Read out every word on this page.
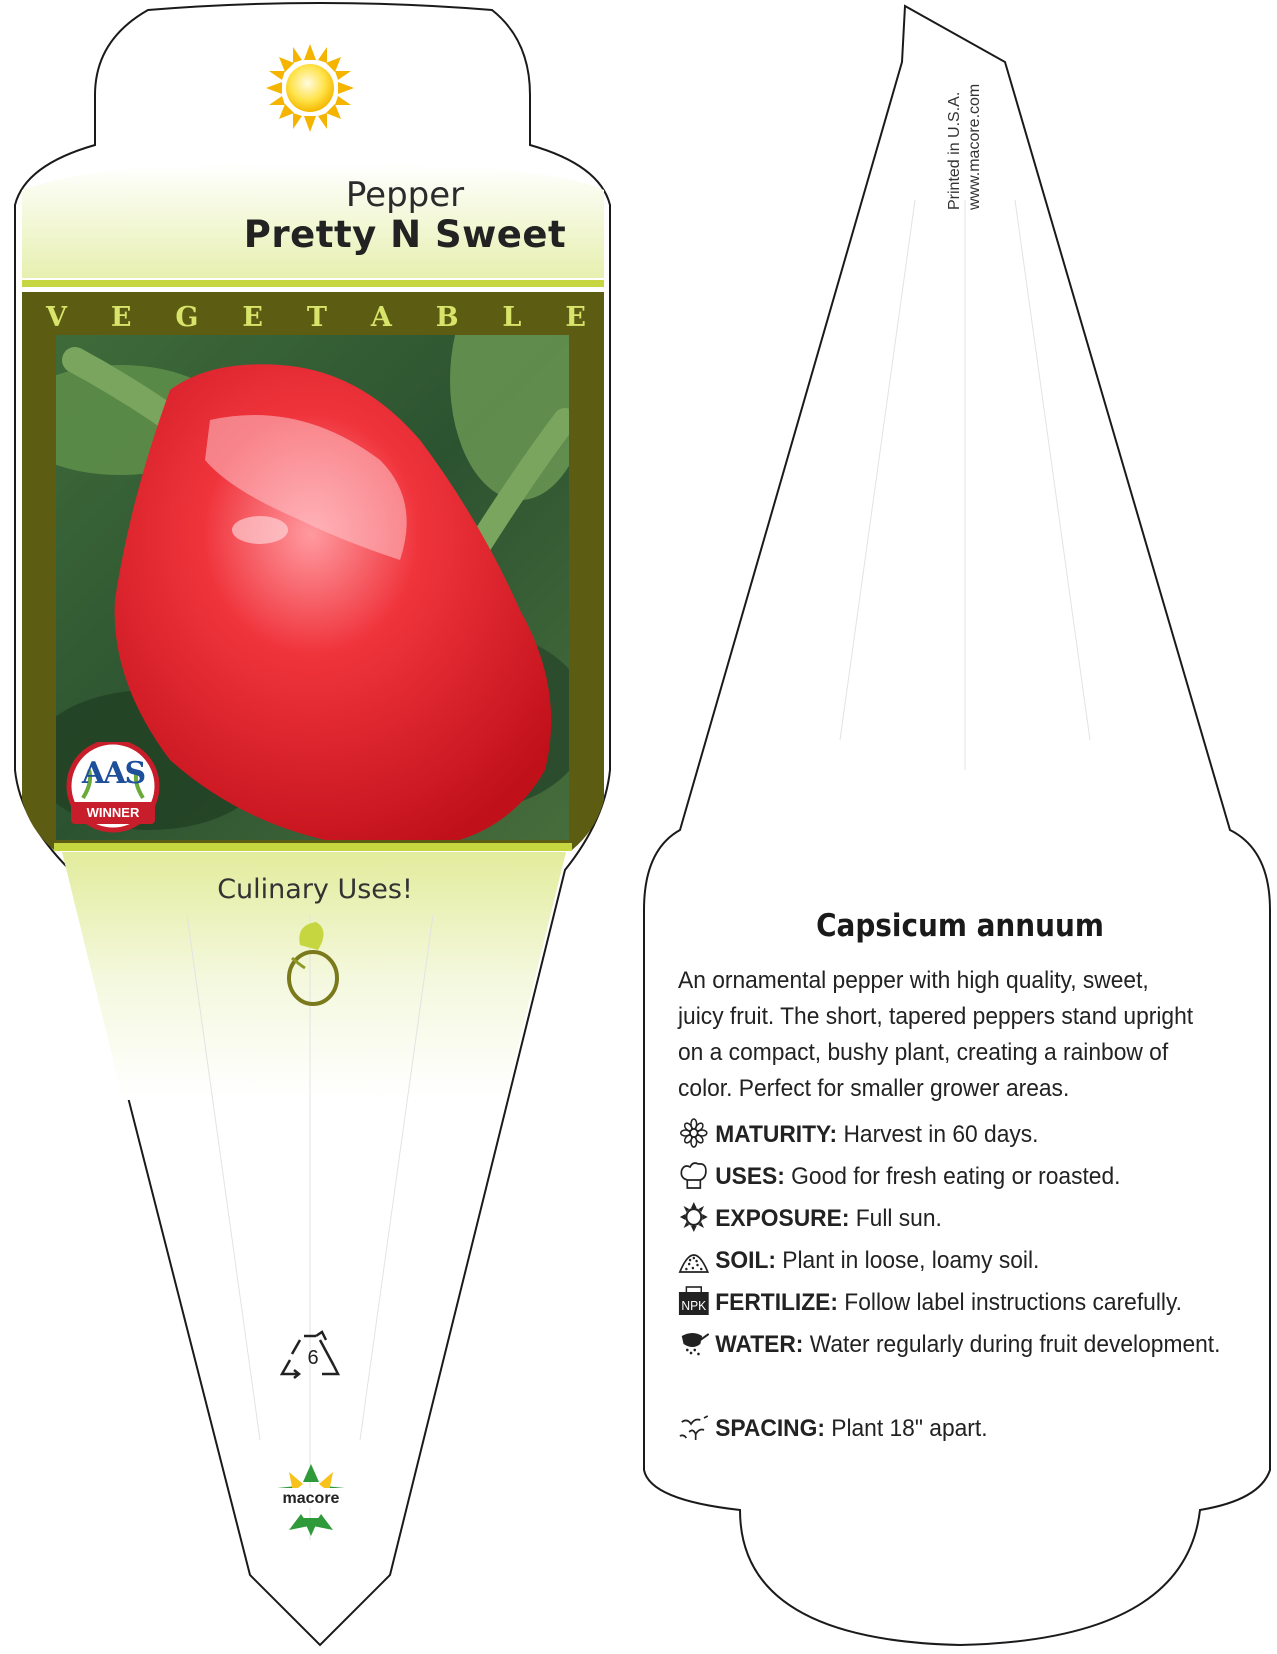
Pepper
Pretty N Sweet
V E G E T A B L E
AAS
WINNER
Culinary Uses!
6
macore
Printed in U.S.A. www.macore.com
Capsicum annuum
An ornamental pepper with high quality, sweet, juicy fruit. The short, tapered peppers stand upright on a compact, bushy plant, creating a rainbow of color. Perfect for smaller grower areas.
MATURITY: Harvest in 60 days.
USES: Good for fresh eating or roasted.
EXPOSURE: Full sun.
SOIL: Plant in loose, loamy soil.
NPK FERTILIZE: Follow label instructions carefully.
WATER: Water regularly during fruit development.
SPACING: Plant 18" apart.
